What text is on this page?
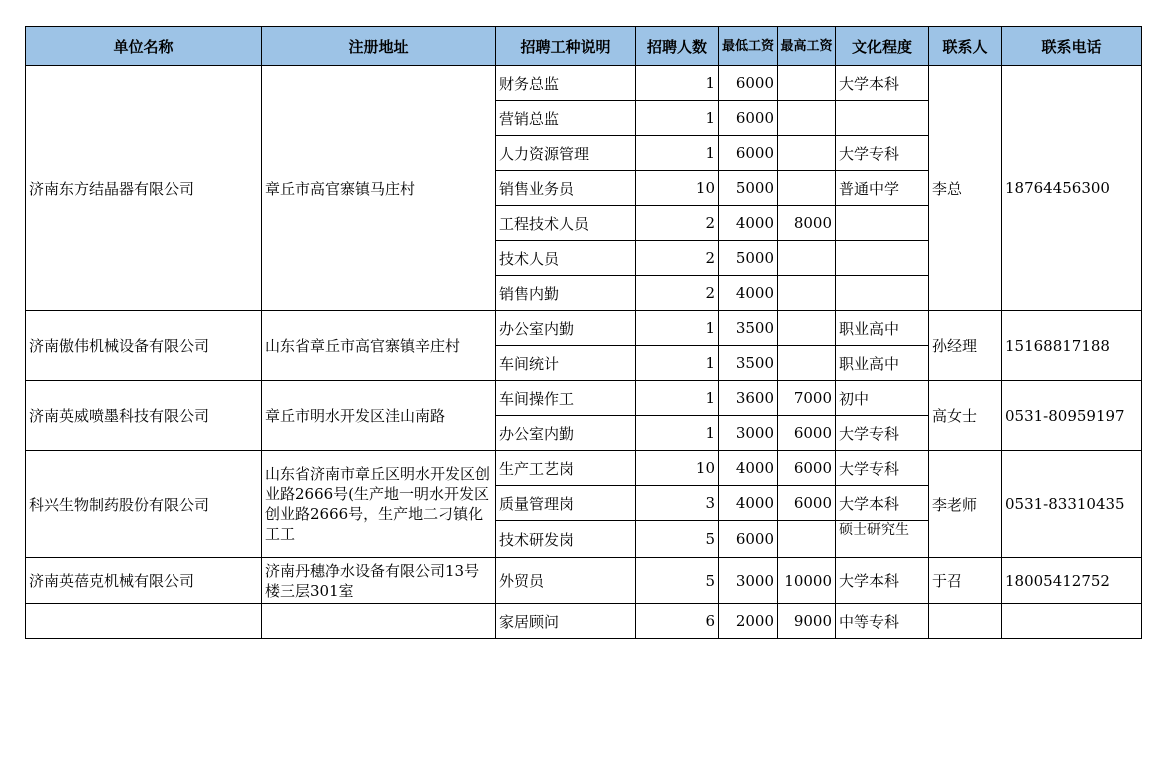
单位名称	注册地址	招聘工种说明	招聘人数	最低工资	最高工资	文化程度	联系人	联系电话
济南东方结晶器有限公司	章丘市高官寨镇马庄村	财务总监	1	6000		大学本科	李总	18764456300
		营销总监	1	6000				
		人力资源管理	1	6000		大学专科		
		销售业务员	10	5000		普通中学		
		工程技术人员	2	4000	8000			
		技术人员	2	5000				
		销售内勤	2	4000				
济南傲伟机械设备有限公司	山东省章丘市高官寨镇辛庄村	办公室内勤	1	3500		职业高中	孙经理	15168817188
		车间统计	1	3500		职业高中		
济南英威喷墨科技有限公司	章丘市明水开发区洼山南路	车间操作工	1	3600	7000	初中	高女士	0531-80959197
		办公室内勤	1	3000	6000	大学专科		
科兴生物制药股份有限公司	山东省济南市章丘区明水开发区创业路2666号(生产地一明水开发区创业路2666号，生产地二刁镇化工工	生产工艺岗	10	4000	6000	大学专科	李老师	0531-83310435
		质量管理岗	3	4000	6000	大学本科		
		技术研发岗	5	6000		硕士研究生		
济南英蓓克机械有限公司	济南丹穗净水设备有限公司13号楼三层301室	外贸员	5	3000	10000	大学本科	于召	18005412752
		家居顾问	6	2000	9000	中等专科		
